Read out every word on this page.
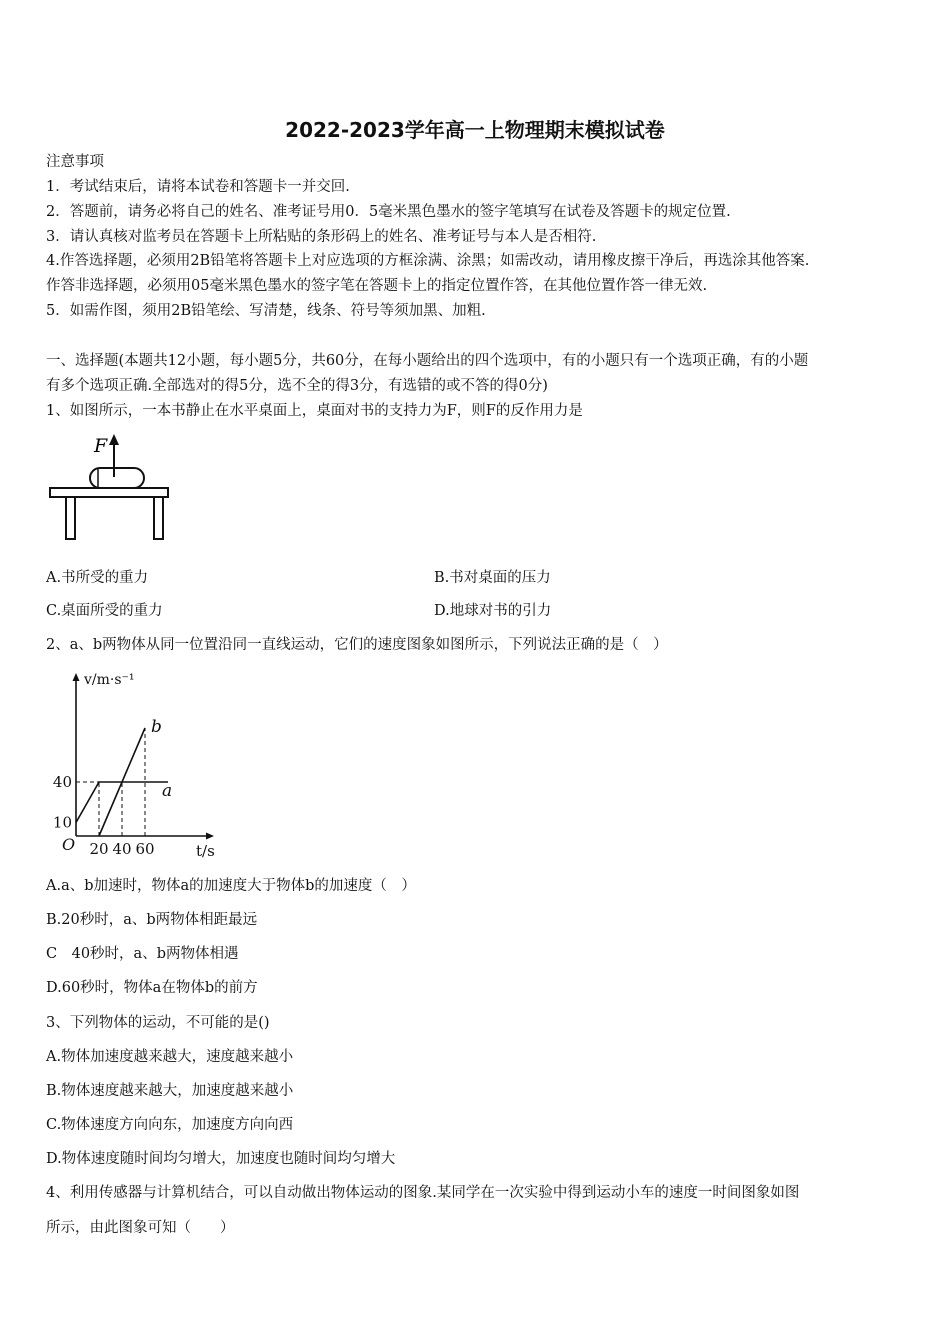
2022-2023学年高一上物理期末模拟试卷
注意事项
1．考试结束后，请将本试卷和答题卡一并交回.
2．答题前，请务必将自己的姓名、准考证号用0．5毫米黑色墨水的签字笔填写在试卷及答题卡的规定位置.
3．请认真核对监考员在答题卡上所粘贴的条形码上的姓名、准考证号与本人是否相符.
4.作答选择题，必须用2B铅笔将答题卡上对应选项的方框涂满、涂黑；如需改动，请用橡皮擦干净后，再选涂其他答案.
作答非选择题，必须用05毫米黑色墨水的签字笔在答题卡上的指定位置作答，在其他位置作答一律无效.
5．如需作图，须用2B铅笔绘、写清楚，线条、符号等须加黑、加粗.
一、选择题(本题共12小题，每小题5分，共60分，在每小题给出的四个选项中，有的小题只有一个选项正确，有的小题
有多个选项正确.全部选对的得5分，选不全的得3分，有选错的或不答的得0分)
1、如图所示，一本书静止在水平桌面上，桌面对书的支持力为F，则F的反作用力是
F
A.书所受的重力	B.书对桌面的压力
C.桌面所受的重力	D.地球对书的引力
2、a、b两物体从同一位置沿同一直线运动，它们的速度图象如图所示，下列说法正确的是（　）
a
b
20 40 60
10
40
O	t/s
v/m·s⁻¹
A.a、b加速时，物体a的加速度大于物体b的加速度（　）
B.20秒时，a、b两物体相距最远
C　40秒时，a、b两物体相遇
D.60秒时，物体a在物体b的前方
3、下列物体的运动，不可能的是()
A.物体加速度越来越大，速度越来越小
B.物体速度越来越大，加速度越来越小
C.物体速度方向向东，加速度方向向西
D.物体速度随时间均匀增大，加速度也随时间均匀增大
4、利用传感器与计算机结合，可以自动做出物体运动的图象.某同学在一次实验中得到运动小车的速度一时间图象如图
所示，由此图象可知（　　）
